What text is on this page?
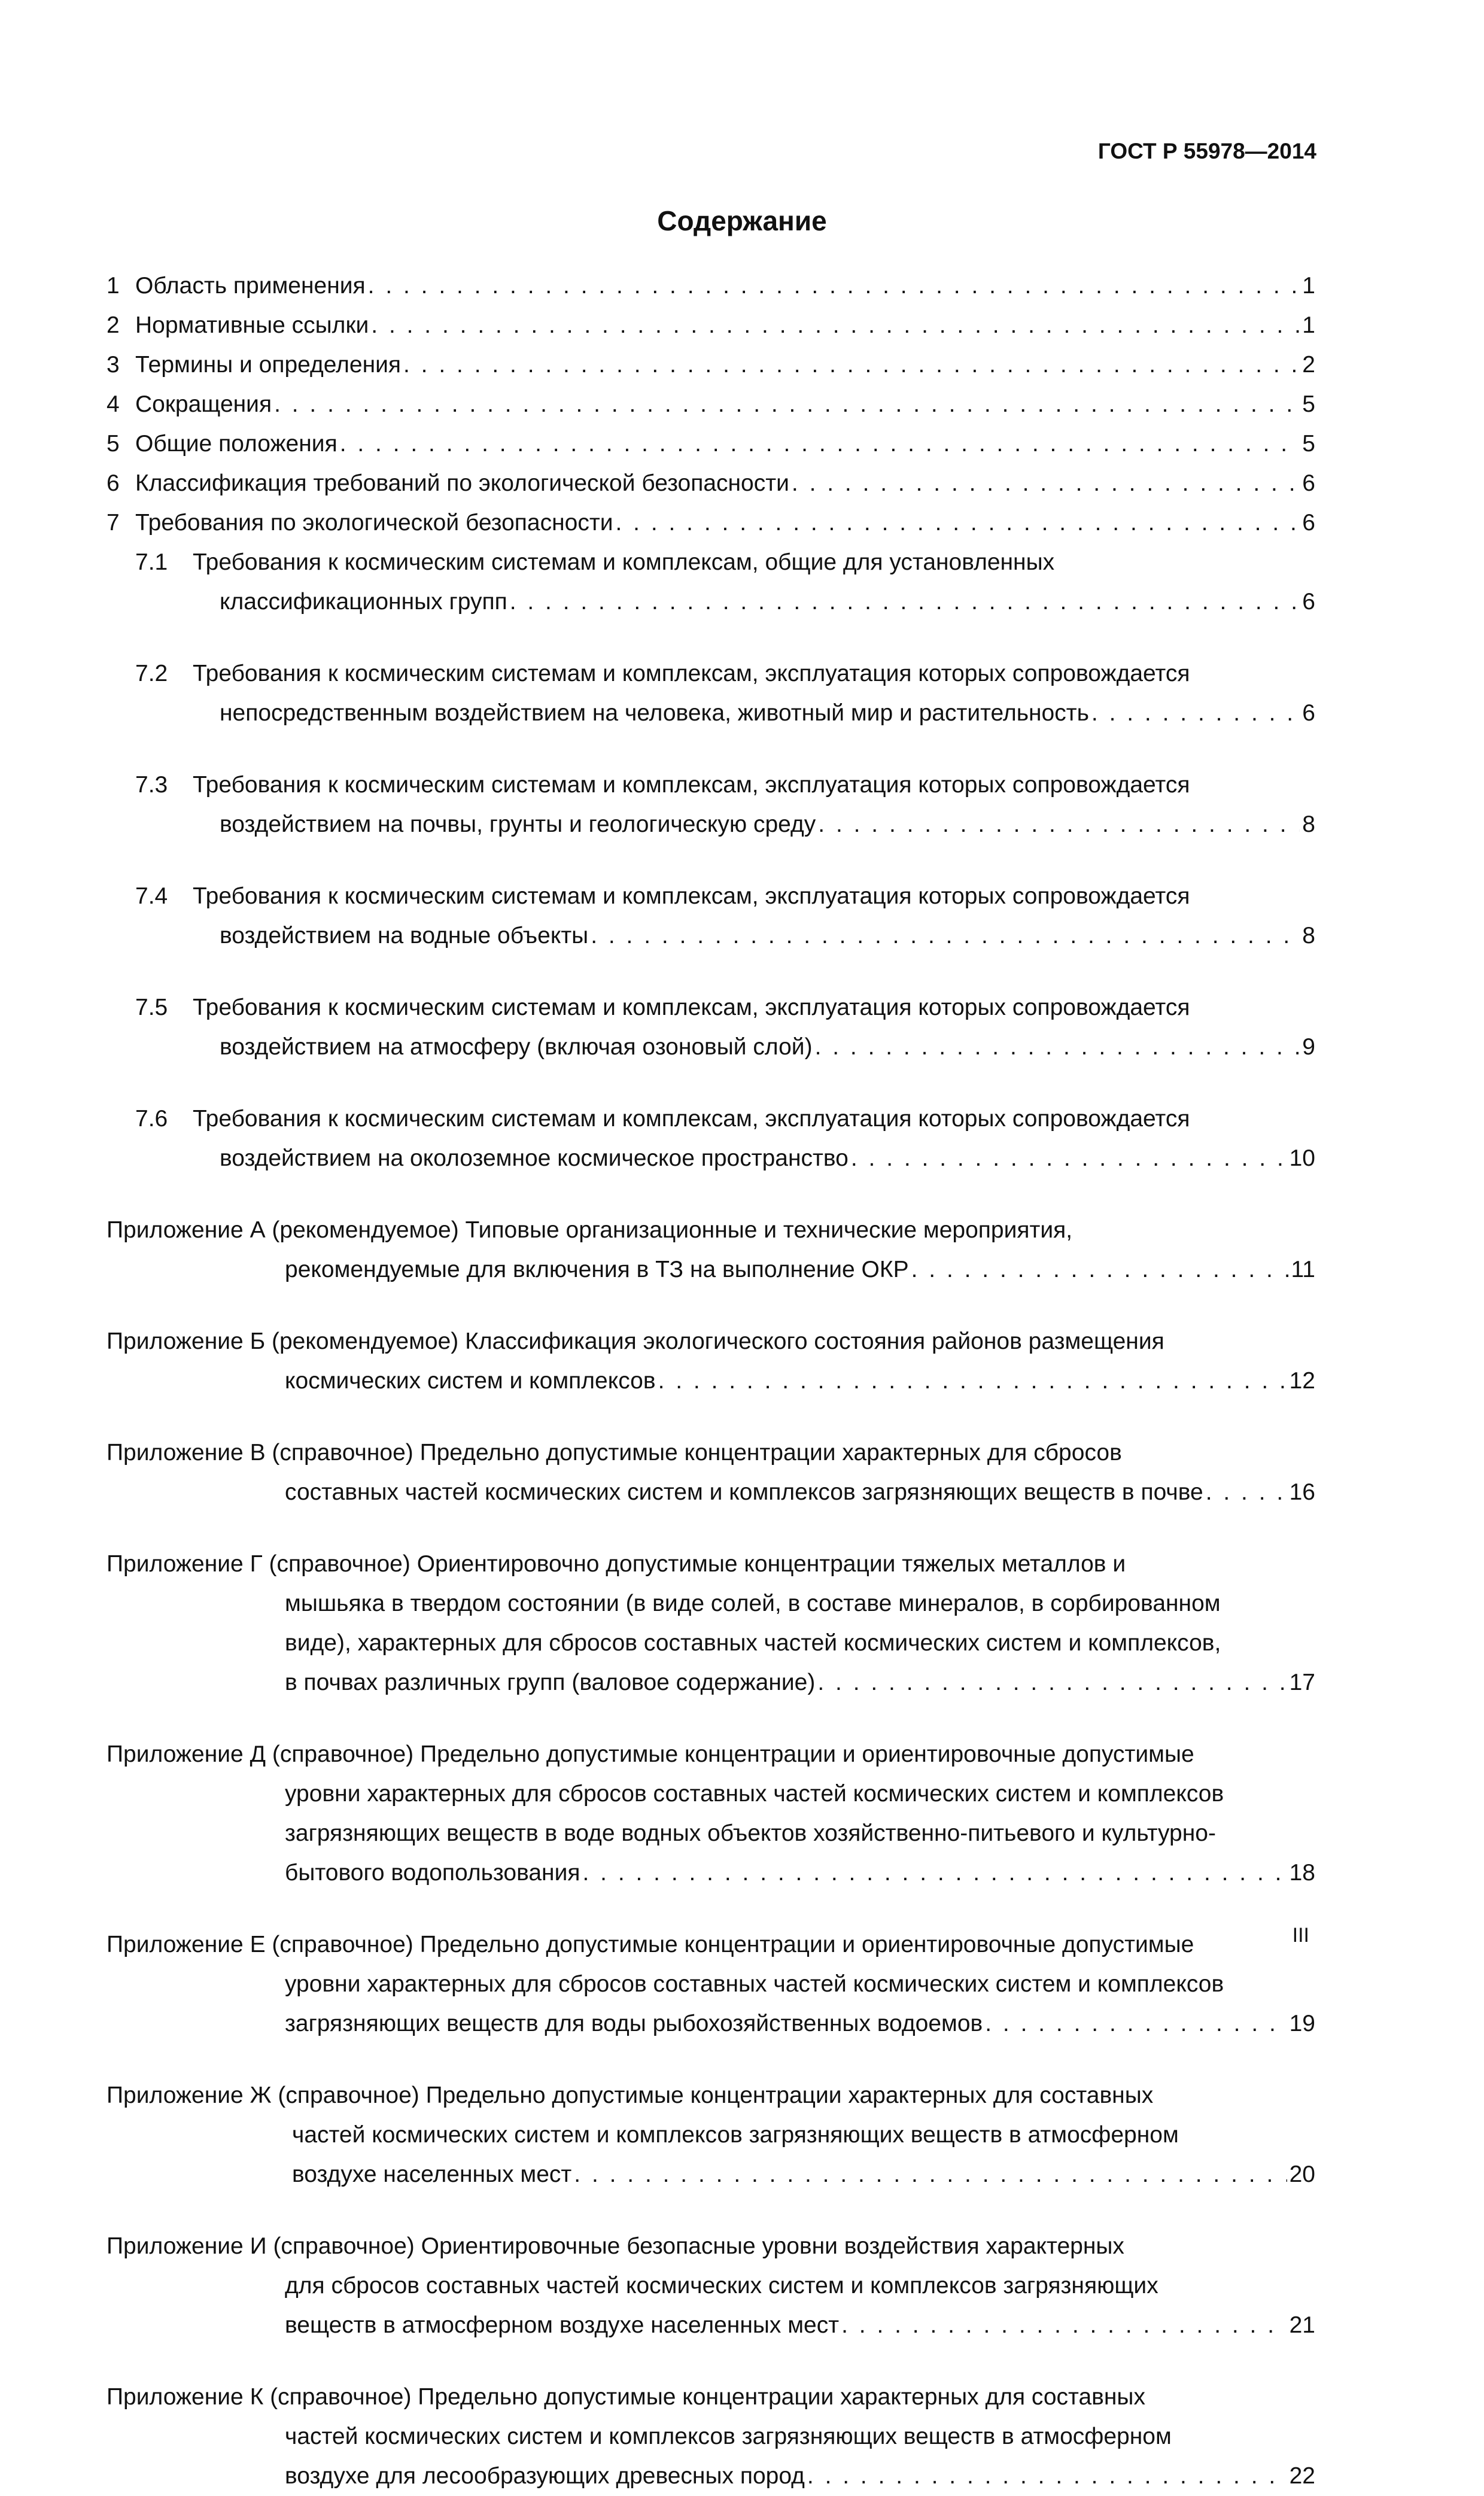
ГОСТ Р 55978—2014
Содержание
1 Область применения . . .	1
2 Нормативные ссылки . . .	1
3 Термины и определения . . .	2
4 Сокращения . . .	5
5 Общие положения . . .	5
6 Классификация требований по экологической безопасности . . .	6
7 Требования по экологической безопасности . . .	6
7.1 Требования к космическим системам и комплексам, общие для установленных
классификационных групп . . .	6
7.2 Требования к космическим системам и комплексам, эксплуатация которых сопровождается
непосредственным воздействием на человека, животный мир и растительность . . .	6
7.3 Требования к космическим системам и комплексам, эксплуатация которых сопровождается
воздействием на почвы, грунты и геологическую среду . . .	8
7.4 Требования к космическим системам и комплексам, эксплуатация которых сопровождается
воздействием на водные объекты . . .	8
7.5 Требования к космическим системам и комплексам, эксплуатация которых сопровождается
воздействием на атмосферу (включая озоновый слой) . . .	9
7.6 Требования к космическим системам и комплексам, эксплуатация которых сопровождается
воздействием на околоземное космическое пространство . . .	10
Приложение А (рекомендуемое) Типовые организационные и технические мероприятия,
рекомендуемые для включения в ТЗ на выполнение ОКР . . .	11
Приложение Б (рекомендуемое) Классификация экологического состояния районов размещения
космических систем и комплексов . . .	12
Приложение В (справочное) Предельно допустимые концентрации характерных для сбросов
составных частей космических систем и комплексов загрязняющих веществ в почве . . .	16
Приложение Г (справочное) Ориентировочно допустимые концентрации тяжелых металлов и
мышьяка в твердом состоянии (в виде солей, в составе минералов, в сорбированном
виде), характерных для сбросов составных частей космических систем и комплексов,
в почвах различных групп (валовое содержание) . . .	17
Приложение Д (справочное) Предельно допустимые концентрации и ориентировочные допустимые
уровни характерных для сбросов составных частей космических систем и комплексов
загрязняющих веществ в воде водных объектов хозяйственно-питьевого и культурно-
бытового водопользования . . .	18
Приложение Е (справочное) Предельно допустимые концентрации и ориентировочные допустимые
уровни характерных для сбросов составных частей космических систем и комплексов
загрязняющих веществ для воды рыбохозяйственных водоемов . . .	19
Приложение Ж (справочное) Предельно допустимые концентрации характерных для составных
частей космических систем и комплексов загрязняющих веществ в атмосферном
воздухе населенных мест . . .	20
Приложение И (справочное) Ориентировочные безопасные уровни воздействия характерных
для сбросов составных частей космических систем и комплексов загрязняющих
веществ в атмосферном воздухе населенных мест . . .	21
Приложение К (справочное) Предельно допустимые концентрации характерных для составных
частей космических систем и комплексов загрязняющих веществ в атмосферном
воздухе для лесообразующих древесных пород . . .	22
III
